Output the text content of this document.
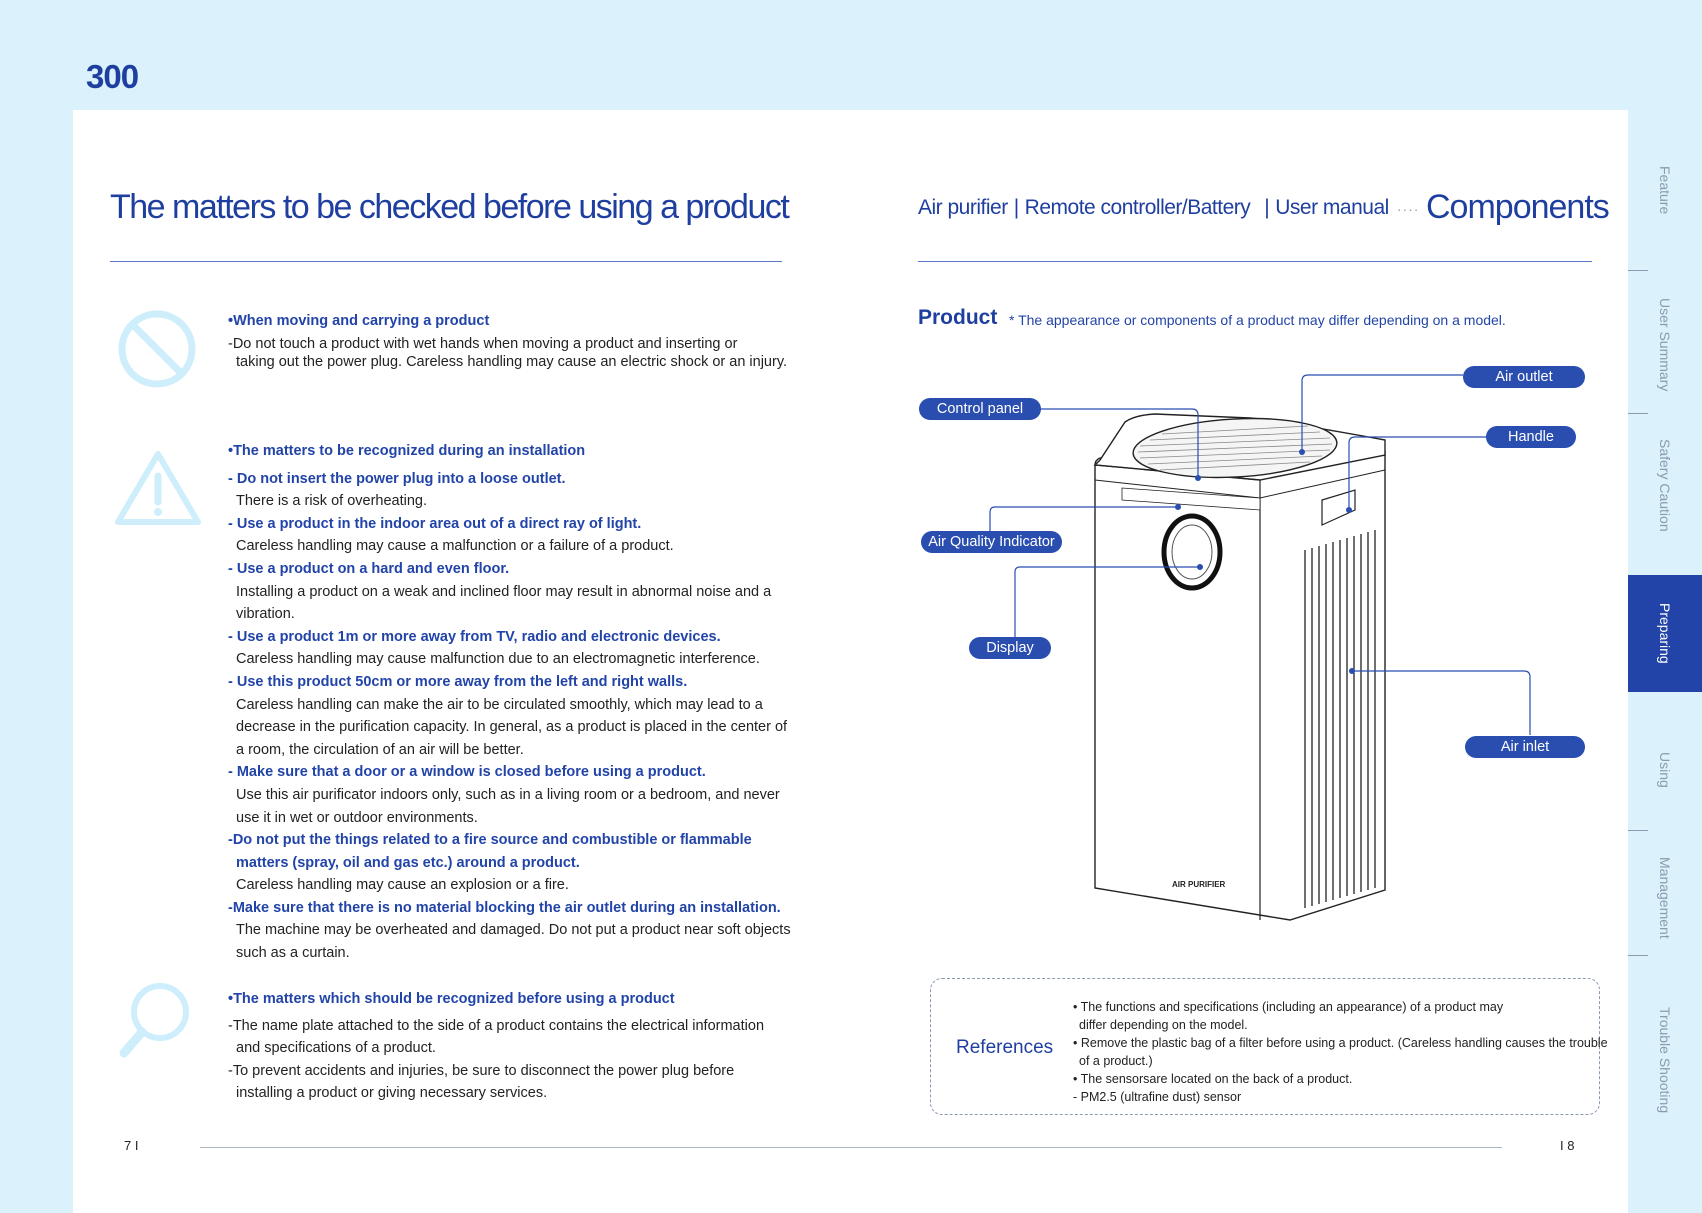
300
The matters to be checked before using a product
•When moving and carrying a product
-Do not touch a product with wet hands when moving a product and inserting or
taking out the power plug. Careless handling may cause an electric shock or an injury.
•The matters to be recognized during an installation
- Do not insert the power plug into a loose outlet.
There is a risk of overheating.
- Use a product in the indoor area out of a direct ray of light.
Careless handling may cause a malfunction or a failure of a product.
- Use a product on a hard and even floor.
Installing a product on a weak and inclined floor may result in abnormal noise and a
vibration.
- Use a product 1m or more away from TV, radio and electronic devices.
Careless handling may cause malfunction due to an electromagnetic interference.
- Use this product 50cm or more away from the left and right walls.
Careless handling can make the air to be circulated smoothly, which may lead to a
decrease in the purification capacity. In general, as a product is placed in the center of
a room, the circulation of an air will be better.
- Make sure that a door or a window is closed before using a product.
Use this air purificator indoors only, such as in a living room or a bedroom, and never
use it in wet or outdoor environments.
-Do not put the things related to a fire source and combustible or flammable
matters (spray, oil and gas etc.) around a product.
Careless handling may cause an explosion or a fire.
-Make sure that there is no material blocking the air outlet during an installation.
The machine may be overheated and damaged. Do not put a product near soft objects
such as a curtain.
•The matters which should be recognized before using a product
-The name plate attached to the side of a product contains the electrical information
and specifications of a product.
-To prevent accidents and injuries, be sure to disconnect the power plug before
installing a product or giving necessary services.
Air purifier | Remote controller/Battery | User manual ···· Components
Product * The appearance or components of a product may differ depending on a model.
AIR PURIFIER
Air outlet
Control panel
Handle
Air Quality Indicator
Display
Air inlet
References
• The functions and specifications (including an appearance) of a product may
differ depending on the model.
• Remove the plastic bag of a filter before using a product. (Careless handling causes the trouble
of a product.)
• The sensorsare located on the back of a product.
- PM2.5 (ultrafine dust) sensor
7 I	I 8
Feature
User Summary
Safery Caution
Preparing
Using
Management
Trouble Shooting
